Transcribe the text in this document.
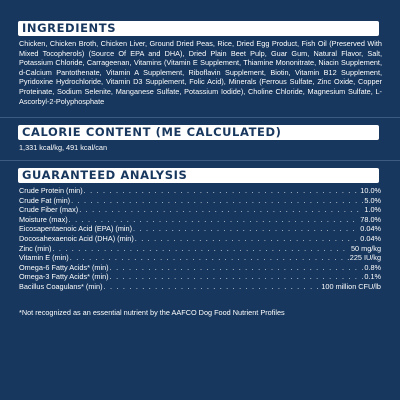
INGREDIENTS
Chicken, Chicken Broth, Chicken Liver, Ground Dried Peas, Rice, Dried Egg Product, Fish Oil (Preserved With Mixed Tocopherols) (Source Of EPA and DHA), Dried Plain Beet Pulp, Guar Gum, Natural Flavor, Salt, Potassium Chloride, Carrageenan, Vitamins (Vitamin E Supplement, Thiamine Mononitrate, Niacin Supplement, d-Calcium Pantothenate, Vitamin A Supplement, Riboflavin Supplement, Biotin, Vitamin B12 Supplement, Pyridoxine Hydrochloride, Vitamin D3 Supplement, Folic Acid), Minerals (Ferrous Sulfate, Zinc Oxide, Copper Proteinate, Sodium Selenite, Manganese Sulfate, Potassium Iodide), Choline Chloride, Magnesium Sulfate, L-Ascorbyl-2-Polyphosphate
CALORIE CONTENT (ME CALCULATED)
1,331 kcal/kg, 491 kcal/can
GUARANTEED ANALYSIS
Crude Protein (min) . . .	10.0%
Crude Fat (min) . . .	5.0%
Crude Fiber (max) . . .	1.0%
Moisture (max) . . .	78.0%
Eicosapentaenoic Acid (EPA) (min) . . .	0.04%
Docosahexaenoic Acid (DHA) (min) . . .	0.04%
Zinc (min) . . .	50 mg/kg
Vitamin E (min) . . .	225 IU/kg
Omega-6 Fatty Acids* (min) . . .	0.8%
Omega-3 Fatty Acids* (min) . . .	0.1%
Bacillus Coagulans* (min) . . .	100 million CFU/lb
*Not recognized as an essential nutrient by the AAFCO Dog Food Nutrient Profiles
